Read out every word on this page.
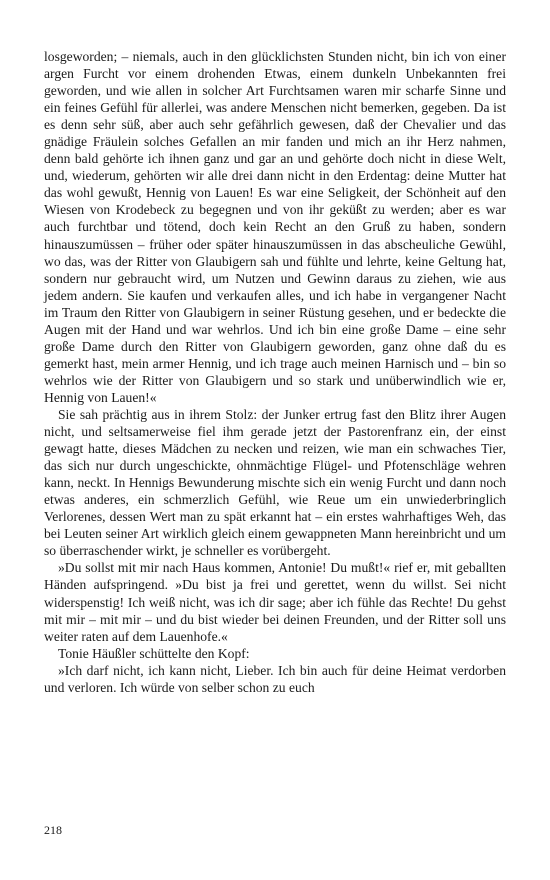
losgeworden; – niemals, auch in den glücklichsten Stunden nicht, bin ich von einer argen Furcht vor einem drohenden Etwas, einem dunkeln Unbekannten frei geworden, und wie allen in solcher Art Furchtsamen waren mir scharfe Sinne und ein feines Gefühl für allerlei, was andere Menschen nicht bemerken, gegeben. Da ist es denn sehr süß, aber auch sehr gefährlich gewesen, daß der Chevalier und das gnädige Fräulein solches Gefallen an mir fanden und mich an ihr Herz nahmen, denn bald gehörte ich ihnen ganz und gar an und gehörte doch nicht in diese Welt, und, wiederum, gehörten wir alle drei dann nicht in den Erdentag: deine Mutter hat das wohl gewußt, Hennig von Lauen! Es war eine Seligkeit, der Schönheit auf den Wiesen von Krodebeck zu begegnen und von ihr geküßt zu werden; aber es war auch furchtbar und tötend, doch kein Recht an den Gruß zu haben, sondern hinauszumüssen – früher oder später hinauszumüssen in das abscheuliche Gewühl, wo das, was der Ritter von Glaubigern sah und fühlte und lehrte, keine Geltung hat, sondern nur gebraucht wird, um Nutzen und Gewinn daraus zu ziehen, wie aus jedem andern. Sie kaufen und verkaufen alles, und ich habe in vergangener Nacht im Traum den Ritter von Glaubigern in seiner Rüstung gesehen, und er bedeckte die Augen mit der Hand und war wehrlos. Und ich bin eine große Dame – eine sehr große Dame durch den Ritter von Glaubigern geworden, ganz ohne daß du es gemerkt hast, mein armer Hennig, und ich trage auch meinen Harnisch und – bin so wehrlos wie der Ritter von Glaubigern und so stark und unüberwindlich wie er, Hennig von Lauen!«

Sie sah prächtig aus in ihrem Stolz: der Junker ertrug fast den Blitz ihrer Augen nicht, und seltsamerweise fiel ihm gerade jetzt der Pastorenfranz ein, der einst gewagt hatte, dieses Mädchen zu necken und reizen, wie man ein schwaches Tier, das sich nur durch ungeschickte, ohnmächtige Flügel- und Pfotenschläge wehren kann, neckt. In Hennigs Bewunderung mischte sich ein wenig Furcht und dann noch etwas anderes, ein schmerzlich Gefühl, wie Reue um ein unwiederbringlich Verlorenes, dessen Wert man zu spät erkannt hat – ein erstes wahrhaftiges Weh, das bei Leuten seiner Art wirklich gleich einem gewappneten Mann hereinbricht und um so überraschender wirkt, je schneller es vorübergeht.

»Du sollst mit mir nach Haus kommen, Antonie! Du mußt!« rief er, mit geballten Händen aufspringend. »Du bist ja frei und gerettet, wenn du willst. Sei nicht widerspenstig! Ich weiß nicht, was ich dir sage; aber ich fühle das Rechte! Du gehst mit mir – mit mir – und du bist wieder bei deinen Freunden, und der Ritter soll uns weiter raten auf dem Lauenhofe.«

Tonie Häußler schüttelte den Kopf:

»Ich darf nicht, ich kann nicht, Lieber. Ich bin auch für deine Heimat verdorben und verloren. Ich würde von selber schon zu euch

218
